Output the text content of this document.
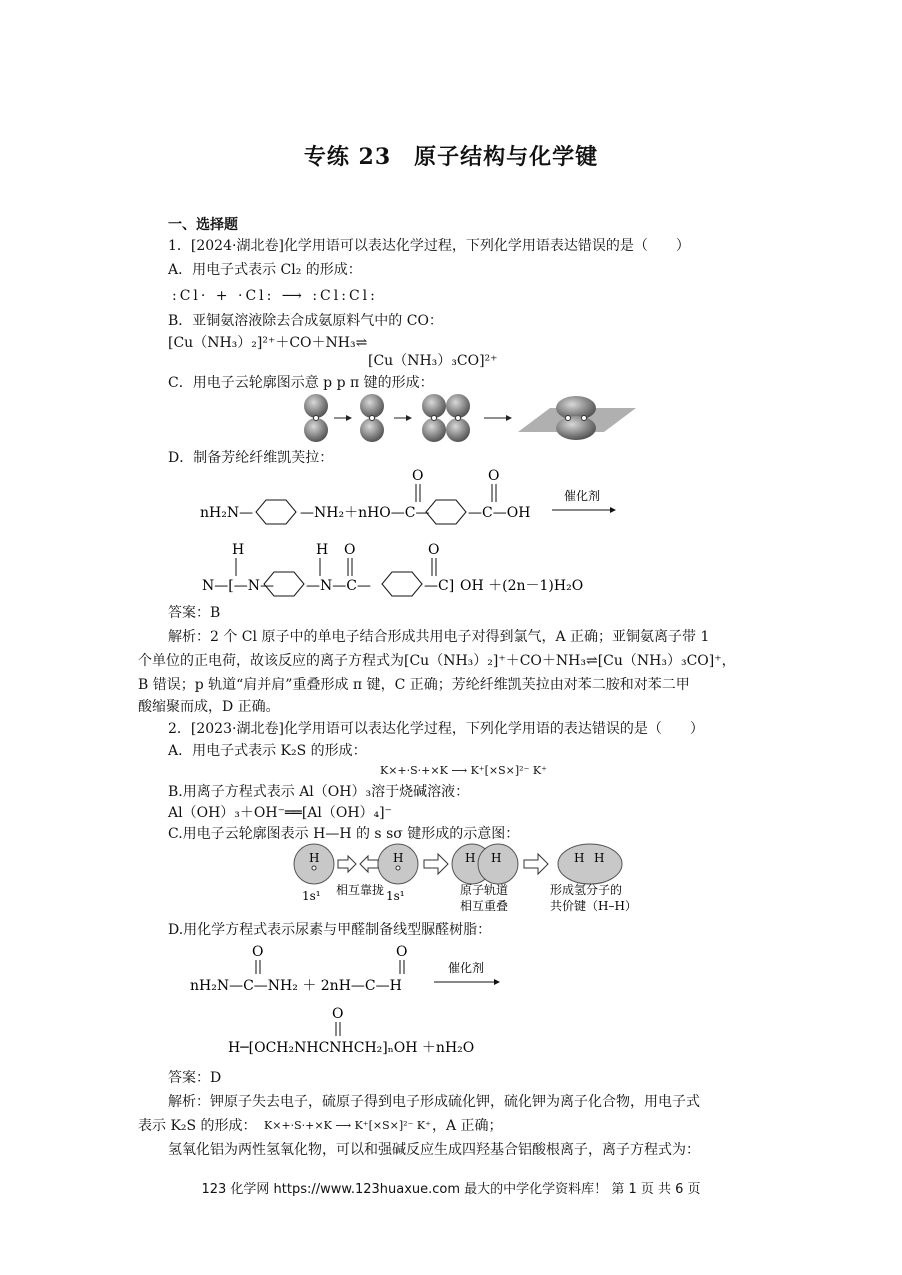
专练 23　原子结构与化学键
一、选择题
1．[2024·湖北卷]化学用语可以表达化学过程，下列化学用语表达错误的是（　　）
A．用电子式表示 Cl₂ 的形成：
:Cl· + ·Cl: ⟶ :Cl:Cl:
B．亚铜氨溶液除去合成氨原料气中的 CO：
[Cu（NH₃）₂]²⁺＋CO＋NH₃⇌
[Cu（NH₃）₃CO]²⁺
C．用电子云轮廓图示意 p p π 键的形成：
D．制备芳纶纤维凯芙拉：
nH₂N—	—NH₂＋nHO—C—
O
—C—OH
O
催化剂
N—[—N—
H
—N—C—
H O
—C]
O
OH ＋(2n－1)H₂O
答案：B
解析：2 个 Cl 原子中的单电子结合形成共用电子对得到氯气，A 正确；亚铜氨离子带 1
个单位的正电荷，故该反应的离子方程式为[Cu（NH₃）₂]⁺＋CO＋NH₃⇌[Cu（NH₃）₃CO]⁺，
B 错误；p 轨道“肩并肩”重叠形成 π 键，C 正确；芳纶纤维凯芙拉由对苯二胺和对苯二甲
酸缩聚而成，D 正确。
2．[2023·湖北卷]化学用语可以表达化学过程，下列化学用语的表达错误的是（　　）
A．用电子式表示 K₂S 的形成：
K×+·S·+×K ⟶ K⁺[×S×]²⁻ K⁺
B.用离子方程式表示 Al（OH）₃溶于烧碱溶液：
Al（OH）₃＋OH⁻══[Al（OH）₄]⁻
C.用电子云轮廓图表示 H—H 的 s sσ 键形成的示意图：
H	H	H H	H H
1s¹ 相互靠拢 1s¹	原子轨道
相互重叠
形成氢分子的
共价键（H–H）
D.用化学方程式表示尿素与甲醛制备线型脲醛树脂：
O	O
nH₂N—C—NH₂ ＋ 2nH—C—H
催化剂
O
H─[OCH₂NHCNHCH₂]ₙOH ＋nH₂O
答案：D
解析：钾原子失去电子，硫原子得到电子形成硫化钾，硫化钾为离子化合物，用电子式
表示 K₂S 的形成： K×+·S·+×K ⟶ K⁺[×S×]²⁻ K⁺ ，A 正确；
氢氧化铝为两性氢氧化物，可以和强碱反应生成四羟基合铝酸根离子，离子方程式为：
123 化学网 https://www.123huaxue.com 最大的中学化学资料库！ 第 1 页 共 6 页
